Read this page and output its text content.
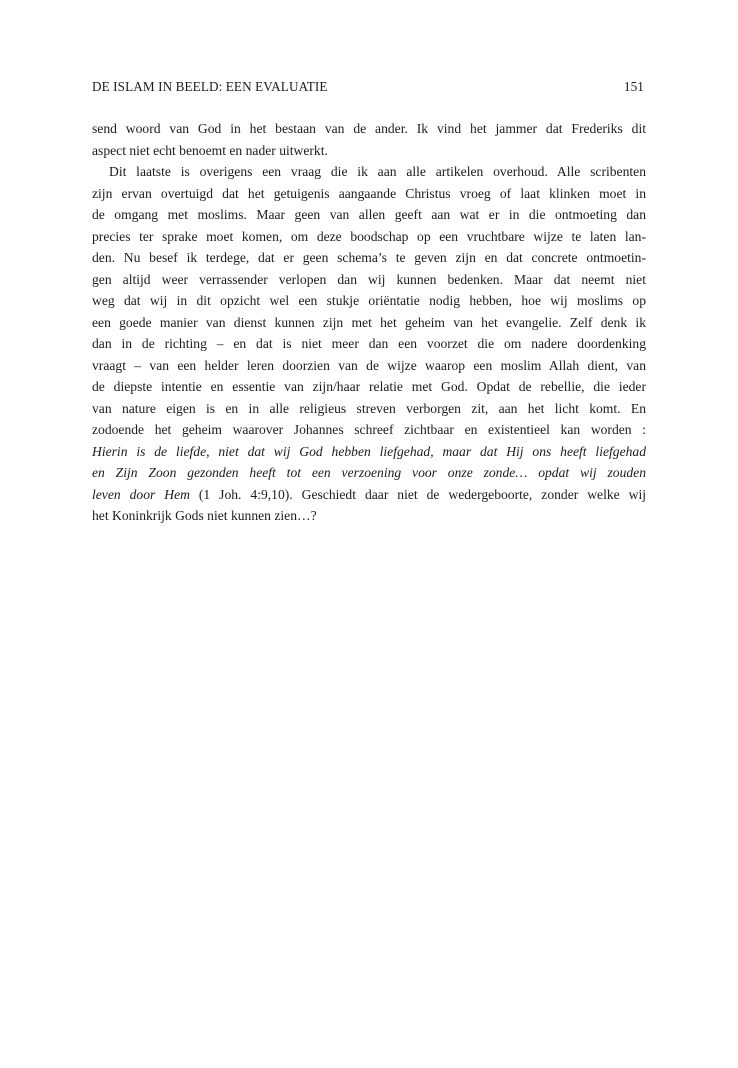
DE ISLAM IN BEELD: EEN EVALUATIE	151
send woord van God in het bestaan van de ander. Ik vind het jammer dat Frederiks dit
aspect niet echt benoemt en nader uitwerkt.
Dit laatste is overigens een vraag die ik aan alle artikelen overhoud. Alle scribenten
zijn ervan overtuigd dat het getuigenis aangaande Christus vroeg of laat klinken moet in
de omgang met moslims. Maar geen van allen geeft aan wat er in die ontmoeting dan
precies ter sprake moet komen, om deze boodschap op een vruchtbare wijze te laten lan-
den. Nu besef ik terdege, dat er geen schema’s te geven zijn en dat concrete ontmoetin-
gen altijd weer verrassender verlopen dan wij kunnen bedenken. Maar dat neemt niet
weg dat wij in dit opzicht wel een stukje oriëntatie nodig hebben, hoe wij moslims op
een goede manier van dienst kunnen zijn met het geheim van het evangelie. Zelf denk ik
dan in de richting – en dat is niet meer dan een voorzet die om nadere doordenking
vraagt – van een helder leren doorzien van de wijze waarop een moslim Allah dient, van
de diepste intentie en essentie van zijn/haar relatie met God. Opdat de rebellie, die ieder
van nature eigen is en in alle religieus streven verborgen zit, aan het licht komt. En
zodoende het geheim waarover Johannes schreef zichtbaar en existentieel kan worden :
Hierin is de liefde, niet dat wij God hebben liefgehad, maar dat Hij ons heeft liefgehad
en Zijn Zoon gezonden heeft tot een verzoening voor onze zonde… opdat wij zouden
leven door Hem (1 Joh. 4:9,10). Geschiedt daar niet de wedergeboorte, zonder welke wij
het Koninkrijk Gods niet kunnen zien…?
